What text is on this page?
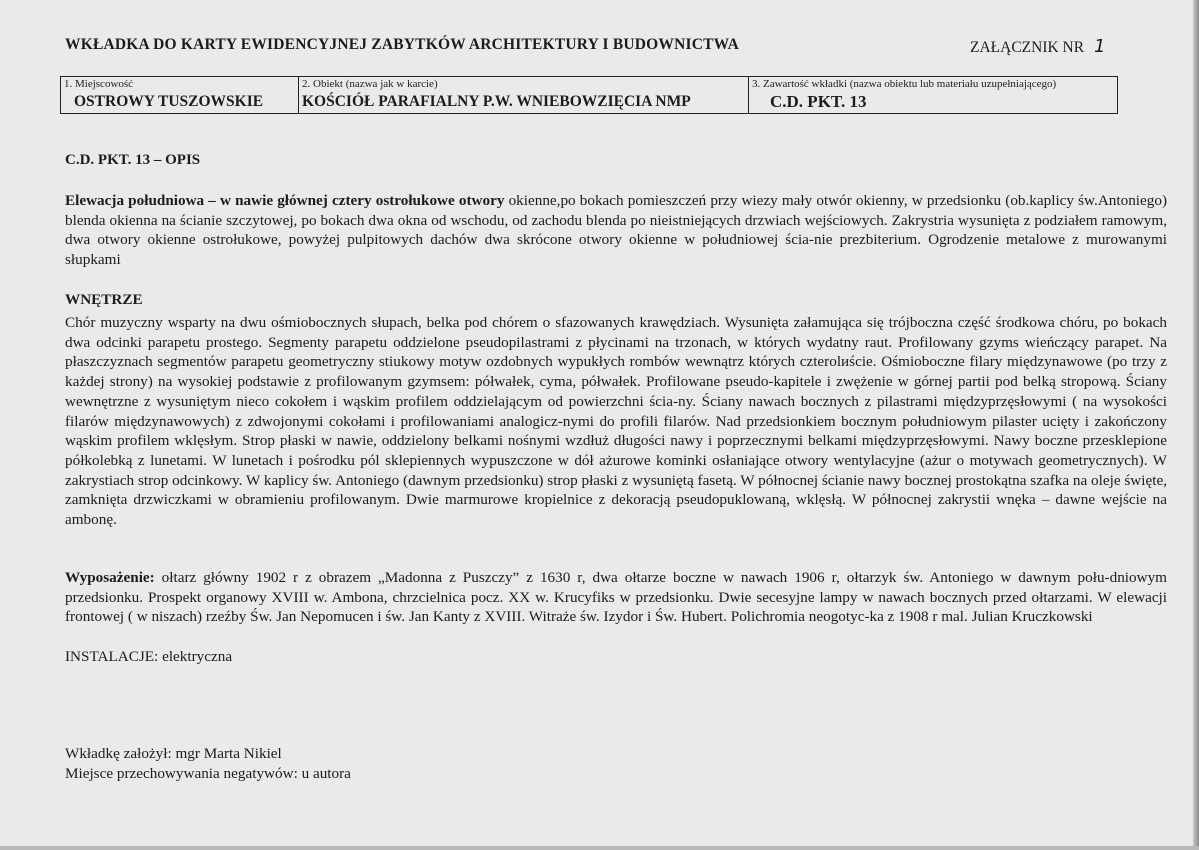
WKŁADKA DO KARTY EWIDENCYJNEJ ZABYTKÓW ARCHITEKTURY I BUDOWNICTWA	ZAŁĄCZNIK NR 1
1. Miejscowość
OSTROWY TUSZOWSKIE
2. Obiekt (nazwa jak w karcie)
KOŚCIÓŁ PARAFIALNY P.W. WNIEBOWZIĘCIA NMP
3. Zawartość wkładki (nazwa obiektu lub materiału uzupełniającego)
C.D. PKT. 13
C.D. PKT. 13 – OPIS
Elewacja południowa – w nawie głównej cztery ostrołukowe otwory okienne,po bokach pomieszczeń przy wiezy mały otwór okienny, w przedsionku (ob.kaplicy św.Antoniego) blenda okienna na ścianie szczytowej, po bokach dwa okna od wschodu, od zachodu blenda po nieistniejących drzwiach wejściowych. Zakrystria wysunięta z podziałem ramowym, dwa otwory okienne ostrołukowe, powyżej pulpitowych dachów dwa skrócone otwory okienne w południowej ścia-nie prezbiterium. Ogrodzenie metalowe z murowanymi słupkami
WNĘTRZE
Chór muzyczny wsparty na dwu ośmiobocznych słupach, belka pod chórem o sfazowanych krawędziach. Wysunięta załamująca się trójboczna część środkowa chóru, po bokach dwa odcinki parapetu prostego. Segmenty parapetu oddzielone pseudopilastrami z płycinami na trzonach, w których wydatny raut. Profilowany gzyms wieńczący parapet. Na płaszczyznach segmentów parapetu geometryczny stiukowy motyw ozdobnych wypukłych rombów wewnątrz których czterolиście. Ośmioboczne filary międzynawowe (po trzy z każdej strony) na wysokiej podstawie z profilowanym gzymsem: półwałek, cyma, półwałek. Profilowane pseudo-kapitele i zwężenie w górnej partii pod belką stropową. Ściany wewnętrzne z wysuniętym nieco cokołem i wąskim profilem oddzielającym od powierzchni ścia-ny. Ściany nawach bocznych z pilastrami międzyprzęsłowymi ( na wysokości filarów międzynawowych) z zdwojonymi cokołami i profilowaniami analogicz-nymi do profili filarów. Nad przedsionkiem bocznym południowym pilaster ucięty i zakończony wąskim profilem wklęsłym. Strop płaski w nawie, oddzielony belkami nośnymi wzdłuż długości nawy i poprzecznymi belkami międzyprzęsłowymi. Nawy boczne przesklepione półkolebką z lunetami. W lunetach i pośrodku pól sklepiennych wypuszczone w dół ażurowe kominki osłaniające otwory wentylacyjne (ażur o motywach geometrycznych). W zakrystiach strop odcinkowy. W kaplicy św. Antoniego (dawnym przedsionku) strop płaski z wysuniętą fasetą. W północnej ścianie nawy bocznej prostokątna szafka na oleje święte, zamknięta drzwiczkami w obramieniu profilowanym. Dwie marmurowe kropielnice z dekoracją pseudopuklowaną, wklęsłą. W północnej zakrystii wnęka – dawne wejście na ambonę.
Wyposażenie: ołtarz główny 1902 r z obrazem „Madonna z Puszczy” z 1630 r, dwa ołtarze boczne w nawach 1906 r, ołtarzyk św. Antoniego w dawnym połu-dniowym przedsionku. Prospekt organowy XVIII w. Ambona, chrzcielnica pocz. XX w. Krucyfiks w przedsionku. Dwie secesyjne lampy w nawach bocznych przed ołtarzami. W elewacji frontowej ( w niszach) rzeźby Św. Jan Nepomucen i św. Jan Kanty z XVIII. Witraże św. Izydor i Św. Hubert. Polichromia neogotyc-ka z 1908 r mal. Julian Kruczkowski
INSTALACJE: elektryczna
Wkładkę założył: mgr Marta Nikiel
Miejsce przechowywania negatywów: u autora
